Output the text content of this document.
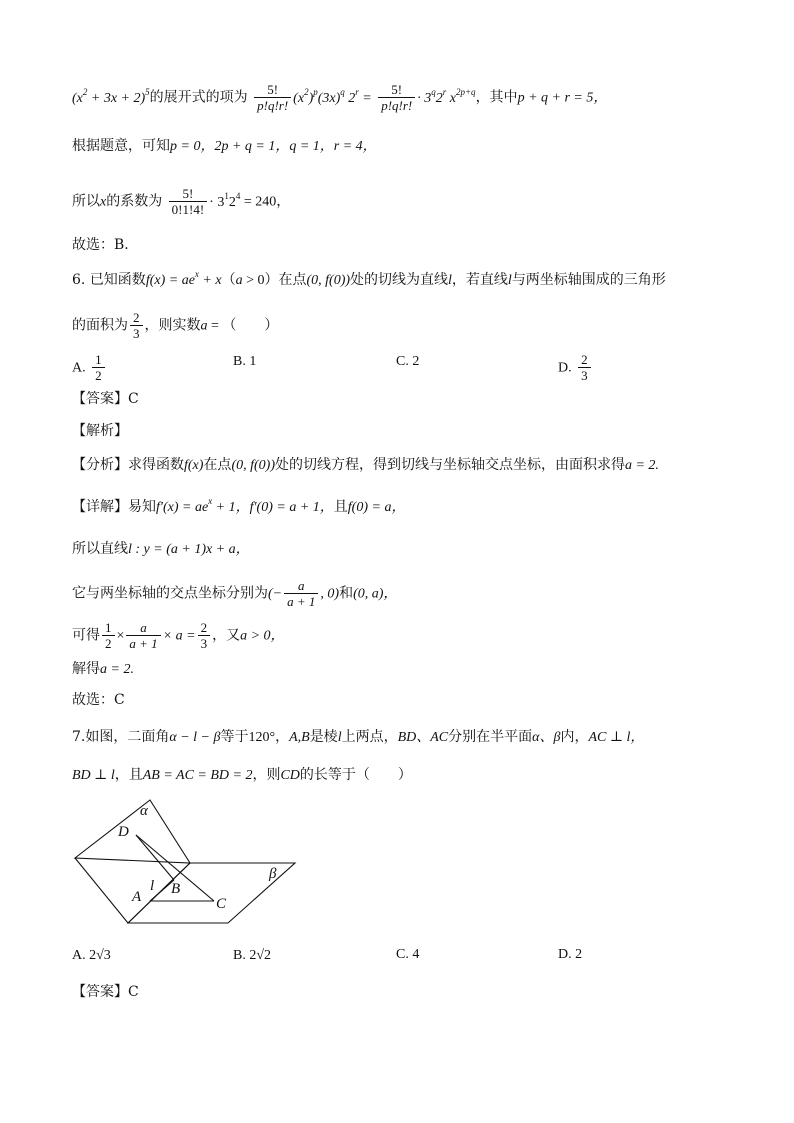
$(x^2 + 3x + 2)^5$的展开式的项为 $\frac{5!}{p!q!r!} (x^2)^p(3x)^q$ $2^r = \frac{5!}{p!q!r!} \cdot 3^q2^r$ $x^{2p+q}$，其中p + q + r = 5，
根据题意，可知p = 0，2p + q = 1，q = 1，r = 4，
所以x的系数为 $\frac{5!}{0!1!4!} \cdot 3^12^4 = 240$，
故选：B．
6. 已知函数$f(x) = ae^x + x(a > 0)$在点(0, f(0))处的切线为直线l，若直线l与两坐标轴围成的三角形
的面积为 $\frac{2}{3}$ ，则实数a = （　　）
A. $\frac{1}{2}$	B. 1	C. 2	D. $\frac{2}{3}$
【答案】C
【解析】
【分析】求得函数f(x)在点(0, f(0))处的切线方程，得到切线与坐标轴交点坐标，由面积求得a = 2.
【详解】易知$f'(x) = ae^x + 1$，f′(0) = a + 1，且f(0) = a，
所以直线l : y = (a + 1)x + a，
它与两坐标轴的交点坐标分别为(− $\frac{a}{a + 1}$ , 0)和(0, a)，
可得 $\frac{1}{2} \times \frac{a}{a + 1} \times a = \frac{2}{3}$ ，又a > 0，
解得a = 2.
故选：C
7.如图，二面角α − l − β等于120°，A,B是棱l上两点，BD、AC分别在半平面α、β内，AC ⊥ l，
BD ⊥ l，且AB = AC = BD = 2，则CD的长等于（　　）
α
D
β
l
A B
C
A. 2√3	B. 2√2	C. 4	D. 2
【答案】C
